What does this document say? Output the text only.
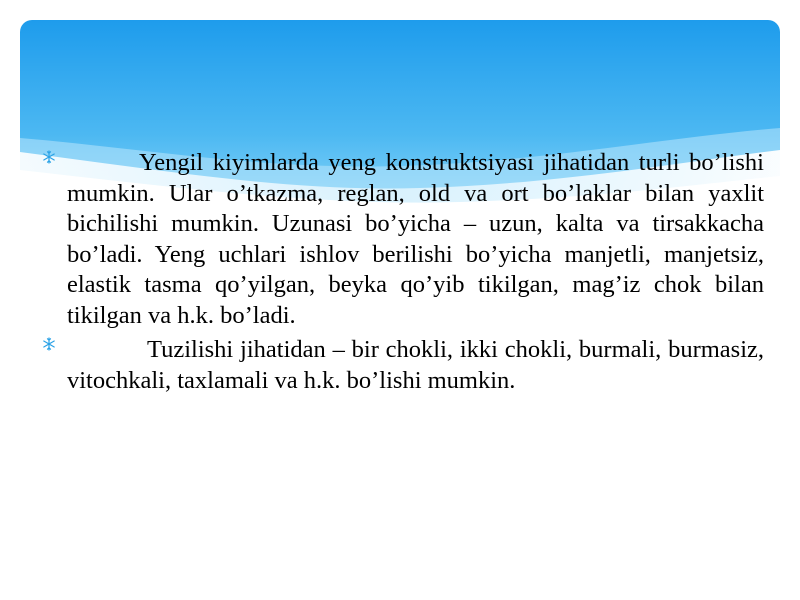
Yengil kiyimlarda yeng konstruktsiyasi jihatidan turli bo’lishi mumkin. Ular o’tkazma, reglan, old va ort bo’laklar bilan yaxlit bichilishi mumkin. Uzunasi bo’yicha – uzun, kalta va tirsakkacha bo’ladi. Yeng uchlari ishlov berilishi bo’yicha manjetli, manjetsiz, elastik tasma qo’yilgan, beyka qo’yib tikilgan, mag’iz chok bilan tikilgan va h.k. bo’ladi.

Tuzilishi jihatidan – bir chokli, ikki chokli, burmali, burmasiz, vitochkali, taxlamali va h.k. bo’lishi mumkin.
